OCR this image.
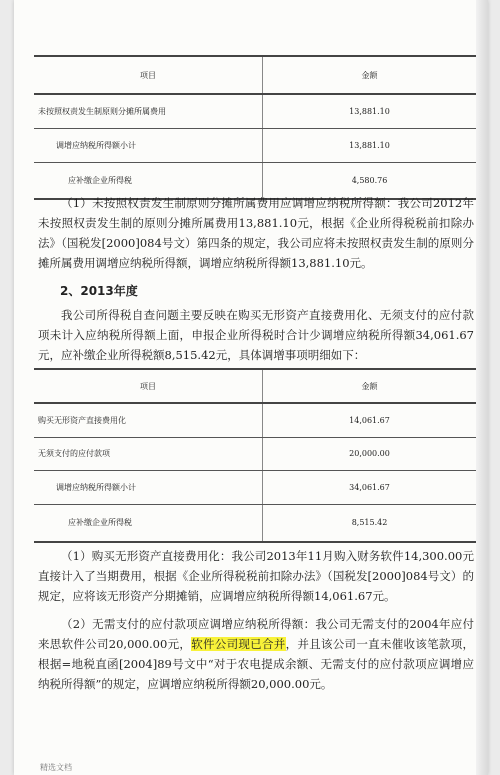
项目	金额
未按照权责发生制原则分摊所属费用	13,881.10
调增应纳税所得额小计	13,881.10
应补缴企业所得税	4,580.76

（1）未按照权责发生制原则分摊所属费用应调增应纳税所得额：我公司2012年未按照权责发生制的原则分摊所属费用13,881.10元，根据《企业所得税税前扣除办法》（国税发[2000]084号文）第四条的规定，我公司应将未按照权责发生制的原则分摊所属费用调增应纳税所得额，调增应纳税所得额13,881.10元。

2、2013年度

我公司所得税自查问题主要反映在购买无形资产直接费用化、无须支付的应付款项未计入应纳税所得额上面，申报企业所得税时合计少调增应纳税所得额34,061.67元，应补缴企业所得税额8,515.42元，具体调增事项明细如下：

项目	金额
购买无形资产直接费用化	14,061.67
无须支付的应付款项	20,000.00
调增应纳税所得额小计	34,061.67
应补缴企业所得税	8,515.42

（1）购买无形资产直接费用化：我公司2013年11月购入财务软件14,300.00元直接计入了当期费用，根据《企业所得税税前扣除办法》（国税发[2000]084号文）的规定，应将该无形资产分期摊销，应调增应纳税所得额14,061.67元。

（2）无需支付的应付款项应调增应纳税所得额：我公司无需支付的2004年应付来思软件公司20,000.00元，软件公司现已合并，并且该公司一直未催收该笔款项，根据=地税直函[2004]89号文中“对于农电提成余额、无需支付的应付款项应调增应纳税所得额”的规定，应调增应纳税所得额20,000.00元。

精选文档
